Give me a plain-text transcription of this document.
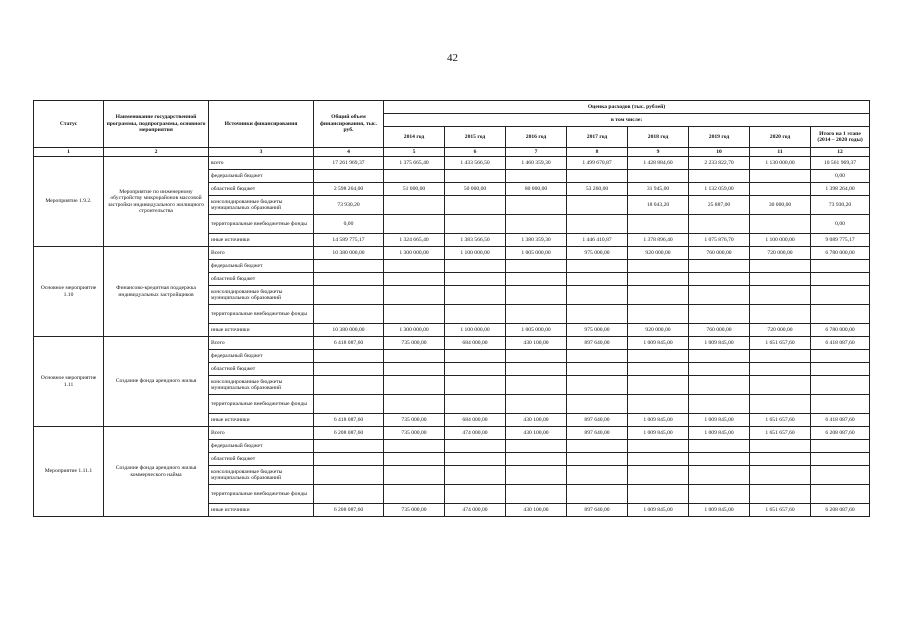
42
Статус	Наименование государственной программы, подпрограммы, основного мероприятия	Источники финансирования	Общий объем финансирования, тыс. руб.	Оценка расходов (тыс. рублей)							
				в том числе:							
				2014 год	2015 год	2016 год	2017 год	2018 год	2019 год	2020 год	Итого на 1 этапе (2014 – 2020 годы)
1	2	3	4	5	6	7	8	9	10	11	12
Мероприятие 1.9.2.	Мероприятие по инженерному обустройству микрорайонов массовой застройки индивидуального жилищного строительства	всего	17 261 969,37	1 375 665,40	1 433 566,50	1 460 359,30	1 499 670,87	1 428 884,60	2 233 822,70	1 130 000,00	10 561 969,37
		федеральный бюджет									0,00
		областной бюджет	2 598 264,00	51 000,00	50 000,00	80 000,00	53 260,00	31 945,00	1 132 059,00		1 398 264,00
		консолидированные бюджеты муниципальных образований	73 930,20					18 043,20	25 887,00	30 000,00	73 930,20
		территориальные внебюджетные фонды	0,00								0,00
		иные источники	14 589 775,17	1 324 665,40	1 383 566,50	1 380 359,30	1 446 410,87	1 378 896,40	1 075 876,70	1 100 000,00	9 089 775,17
Основное мероприятие 1.10	Финансово-кредитная поддержка индивидуальных застройщиков	Всего	10 380 000,00	1 300 000,00	1 100 000,00	1 005 000,00	975 000,00	920 000,00	760 000,00	720 000,00	6 780 000,00
		федеральный бюджет									
		областной бюджет									
		консолидированные бюджеты муниципальных образований									
		территориальные внебюджетные фонды									
		иные источники	10 380 000,00	1 300 000,00	1 100 000,00	1 005 000,00	975 000,00	920 000,00	760 000,00	720 000,00	6 780 000,00
Основное мероприятие 1.11	Создание фонда арендного жилья	Всего	6 418 087,60	735 000,00	684 000,00	430 100,00	897 640,00	1 009 845,00	1 009 845,00	1 651 657,60	6 418 087,60
		федеральный бюджет									
		областной бюджет									
		консолидированные бюджеты муниципальных образований									
		территориальные внебюджетные фонды									
		иные источники	6 418 087,60	735 000,00	684 000,00	430 100,00	897 640,00	1 009 845,00	1 009 845,00	1 651 657,60	6 418 087,60
Мероприятие 1.11.1	Создание фонда арендного жилья коммерческого найма	Всего	6 208 087,60	735 000,00	474 000,00	430 100,00	897 640,00	1 009 845,00	1 009 845,00	1 651 657,60	6 208 087,60
		федеральный бюджет									
		областной бюджет									
		консолидированные бюджеты муниципальных образований									
		территориальные внебюджетные фонды									
		иные источники	6 208 087,60	735 000,00	474 000,00	430 100,00	897 640,00	1 009 845,00	1 009 845,00	1 651 657,60	6 208 087,60
